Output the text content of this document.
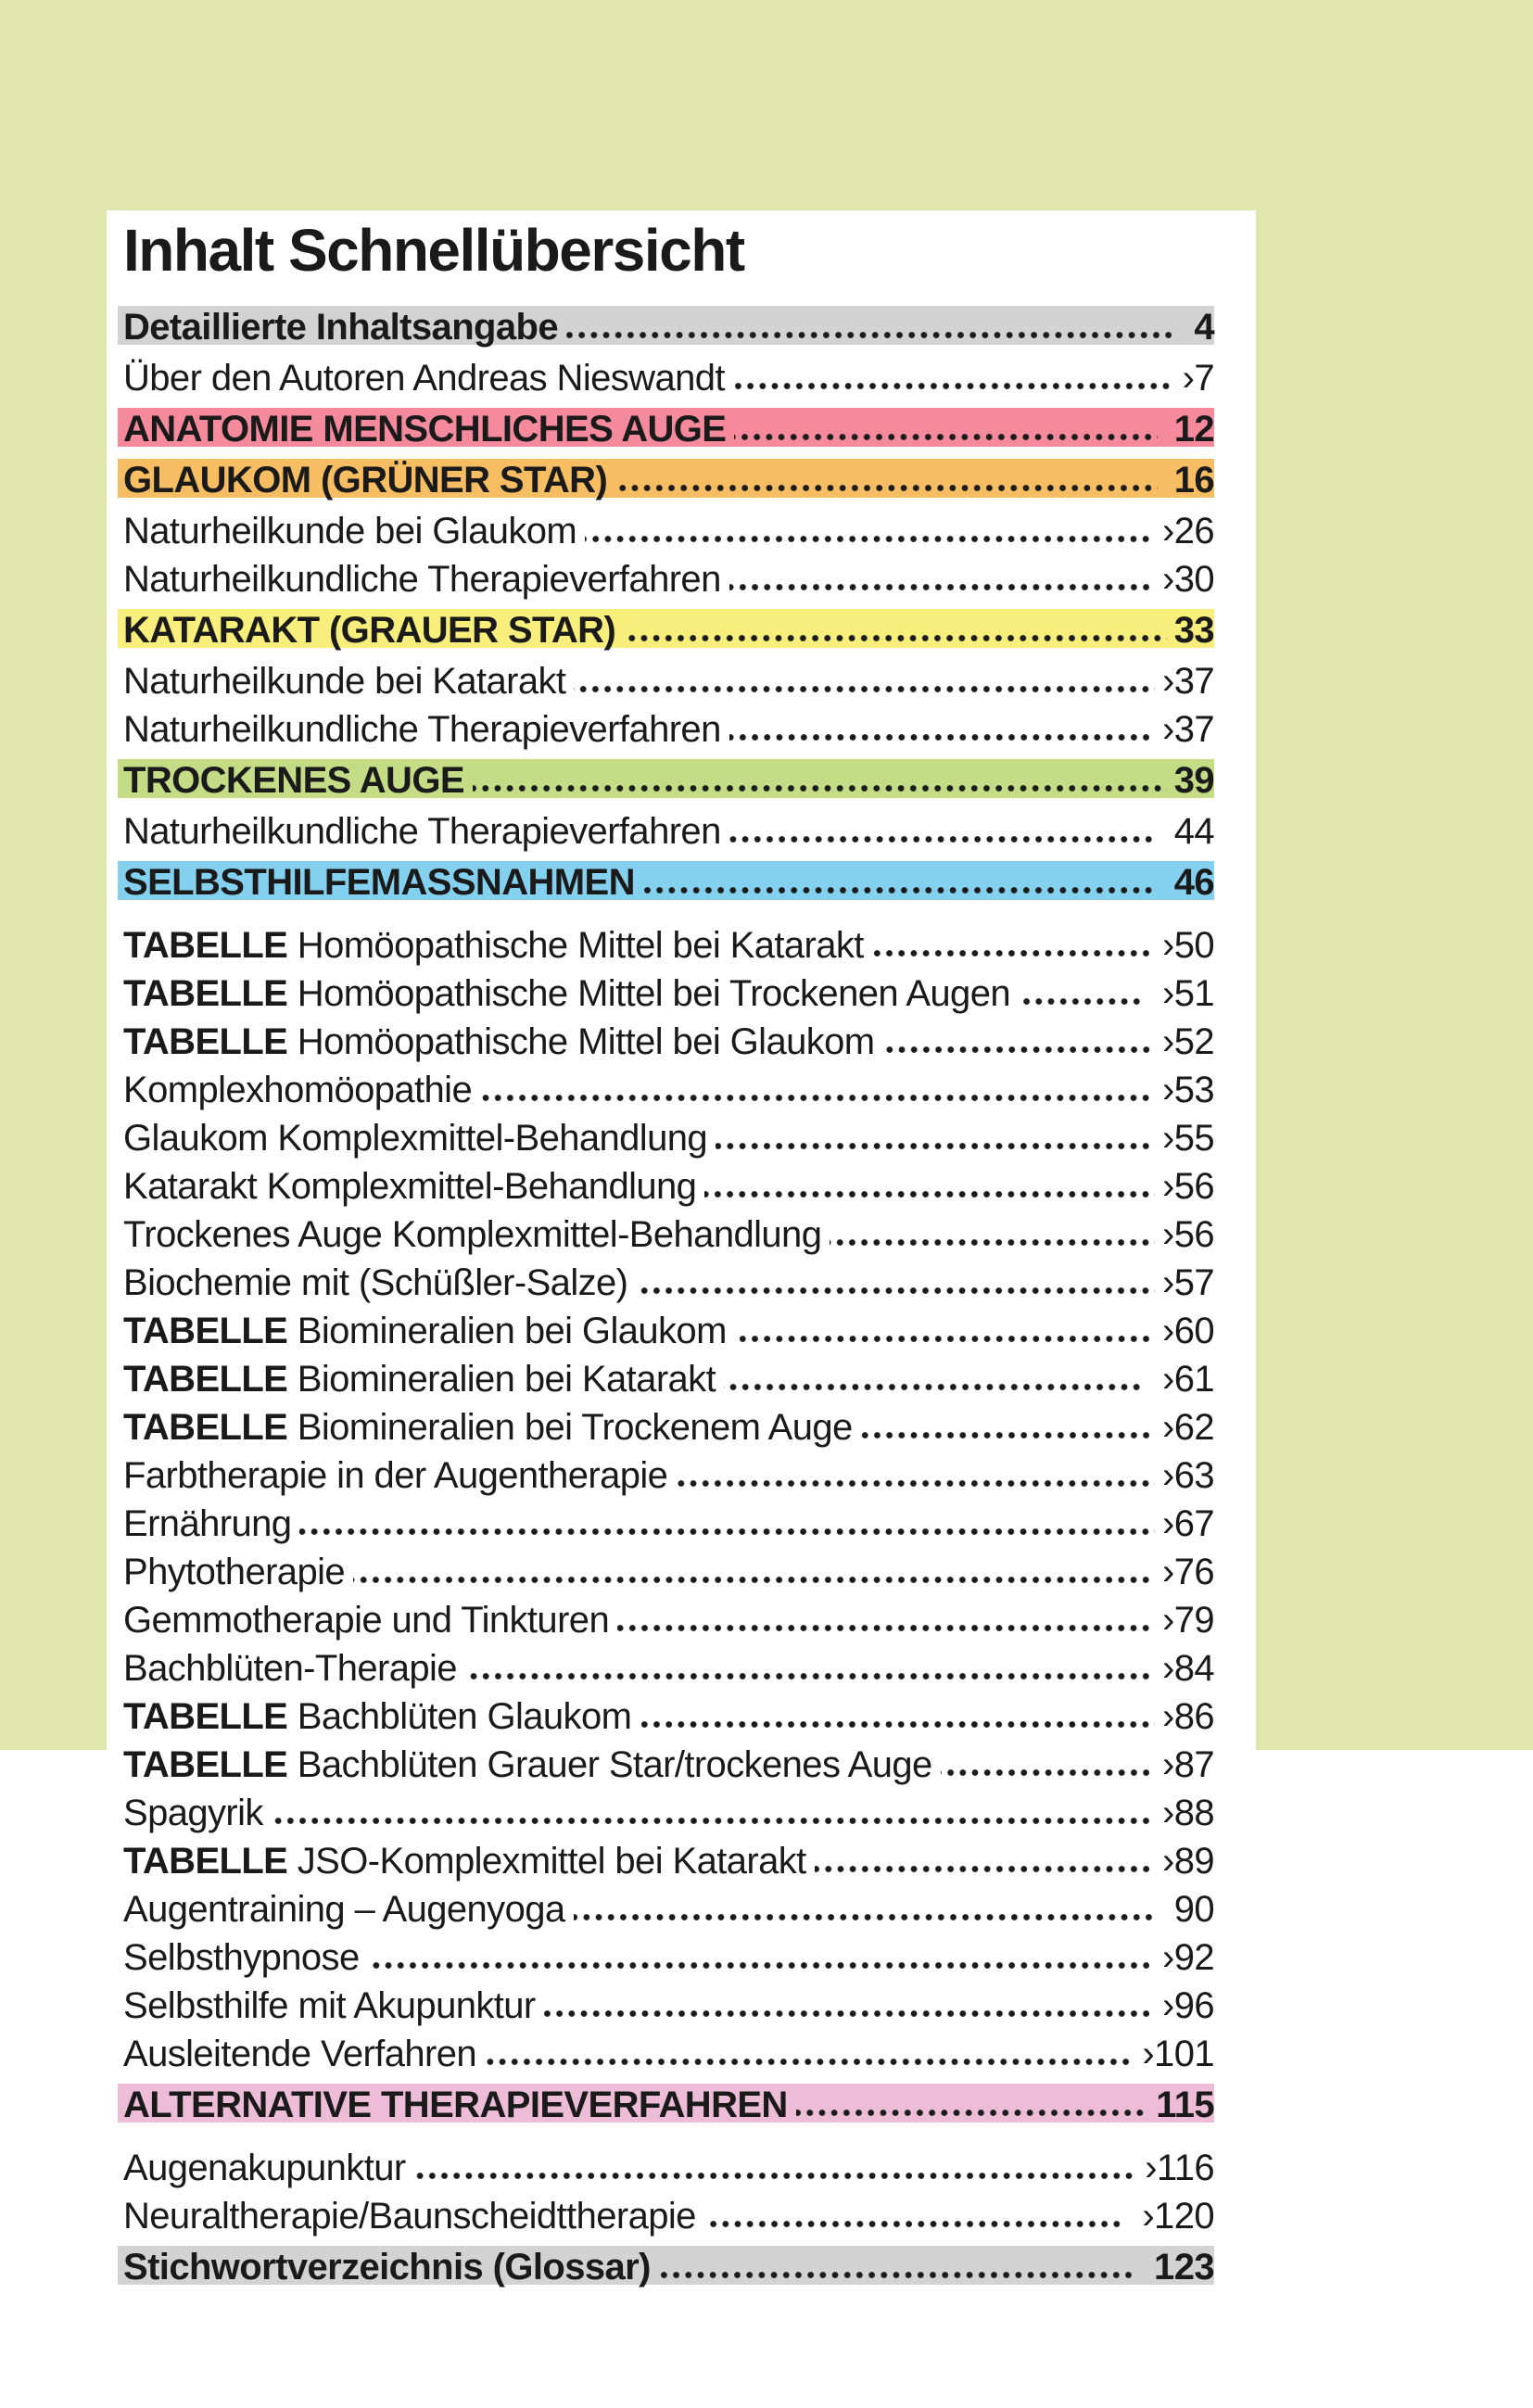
Inhalt Schnellübersicht
Detaillierte Inhaltsangabe	4
Über den Autoren Andreas Nieswandt	›7
ANATOMIE MENSCHLICHES AUGE	12
GLAUKOM (GRÜNER STAR)	16
Naturheilkunde bei Glaukom	›26
Naturheilkundliche Therapieverfahren	›30
KATARAKT (GRAUER STAR)	33
Naturheilkunde bei Katarakt	›37
Naturheilkundliche Therapieverfahren	›37
TROCKENES AUGE	39
Naturheilkundliche Therapieverfahren	44
SELBSTHILFEMASSNAHMEN	46
TABELLE Homöopathische Mittel bei Katarakt	›50
TABELLE Homöopathische Mittel bei Trockenen Augen	›51
TABELLE Homöopathische Mittel bei Glaukom	›52
Komplexhomöopathie	›53
Glaukom Komplexmittel-Behandlung	›55
Katarakt Komplexmittel-Behandlung	›56
Trockenes Auge Komplexmittel-Behandlung	›56
Biochemie mit (Schüßler-Salze)	›57
TABELLE Biomineralien bei Glaukom	›60
TABELLE Biomineralien bei Katarakt	›61
TABELLE Biomineralien bei Trockenem Auge	›62
Farbtherapie in der Augentherapie	›63
Ernährung	›67
Phytotherapie	›76
Gemmotherapie und Tinkturen	›79
Bachblüten-Therapie	›84
TABELLE Bachblüten Glaukom	›86
TABELLE Bachblüten Grauer Star/trockenes Auge	›87
Spagyrik	›88
TABELLE JSO-Komplexmittel bei Katarakt	›89
Augentraining – Augenyoga	90
Selbsthypnose	›92
Selbsthilfe mit Akupunktur	›96
Ausleitende Verfahren	›101
ALTERNATIVE THERAPIEVERFAHREN	115
Augenakupunktur	›116
Neuraltherapie/Baunscheidttherapie	›120
Stichwortverzeichnis (Glossar)	123
